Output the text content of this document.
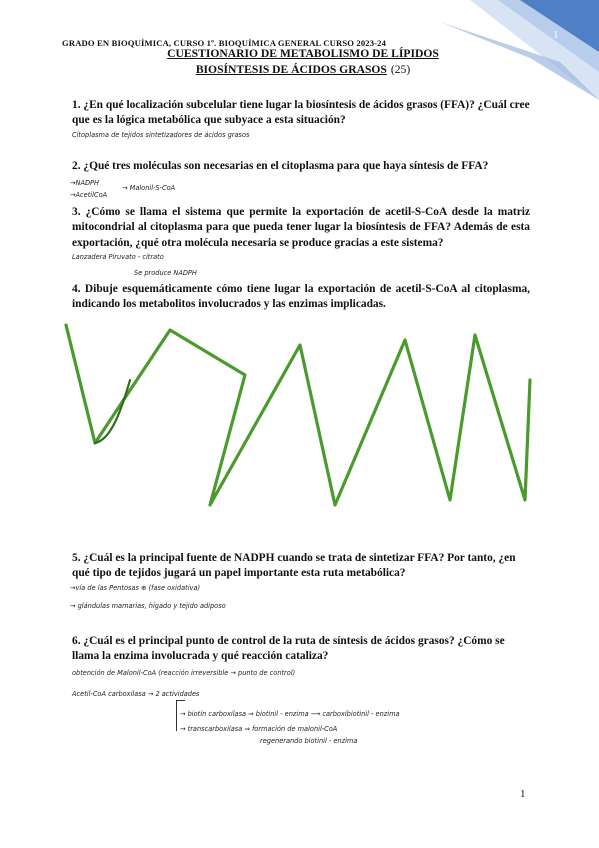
1
GRADO EN BIOQUÍMICA, CURSO 1º. BIOQUÍMICA GENERAL CURSO 2023-24
CUESTIONARIO DE METABOLISMO DE LÍPIDOS
BIOSÍNTESIS DE ÁCIDOS GRASOS (25)
1. ¿En qué localización subcelular tiene lugar la biosíntesis de ácidos grasos (FFA)? ¿Cuál cree que es la lógica metabólica que subyace a esta situación?
Citoplasma de tejidos sintetizadores de ácidos grasos
2. ¿Qué tres moléculas son necesarias en el citoplasma para que haya síntesis de FFA?
→NADPH
→AcetilCoA
→ Malonil-S-CoA
3. ¿Cómo se llama el sistema que permite la exportación de acetil-S-CoA desde la matriz mitocondrial al citoplasma para que pueda tener lugar la biosíntesis de FFA? Además de esta exportación, ¿qué otra molécula necesaria se produce gracias a este sistema?
Lanzadera Piruvato - citrato
Se produce NADPH
4. Dibuje esquemáticamente cómo tiene lugar la exportación de acetil-S-CoA al citoplasma, indicando los metabolitos involucrados y las enzimas implicadas.
5. ¿Cuál es la principal fuente de NADPH cuando se trata de sintetizar FFA? Por tanto, ¿en qué tipo de tejidos jugará un papel importante esta ruta metabólica?
→vía de las Pentosas ⊕ (fase oxidativa)
→ glándulas mamarias, hígado y tejido adiposo
6. ¿Cuál es el principal punto de control de la ruta de síntesis de ácidos grasos? ¿Cómo se llama la enzima involucrada y qué reacción cataliza?
obtención de Malonil-CoA (reacción irreversible → punto de control)
Acetil-CoA carboxilasa → 2 actividades
→ biotín carboxilasa ⇒ biotinil - enzima ⟶ carboxibiotinil - enzima
→ transcarboxilasa ⇒ formación de malonil-CoA
regenerando biotinil - enzima
1
